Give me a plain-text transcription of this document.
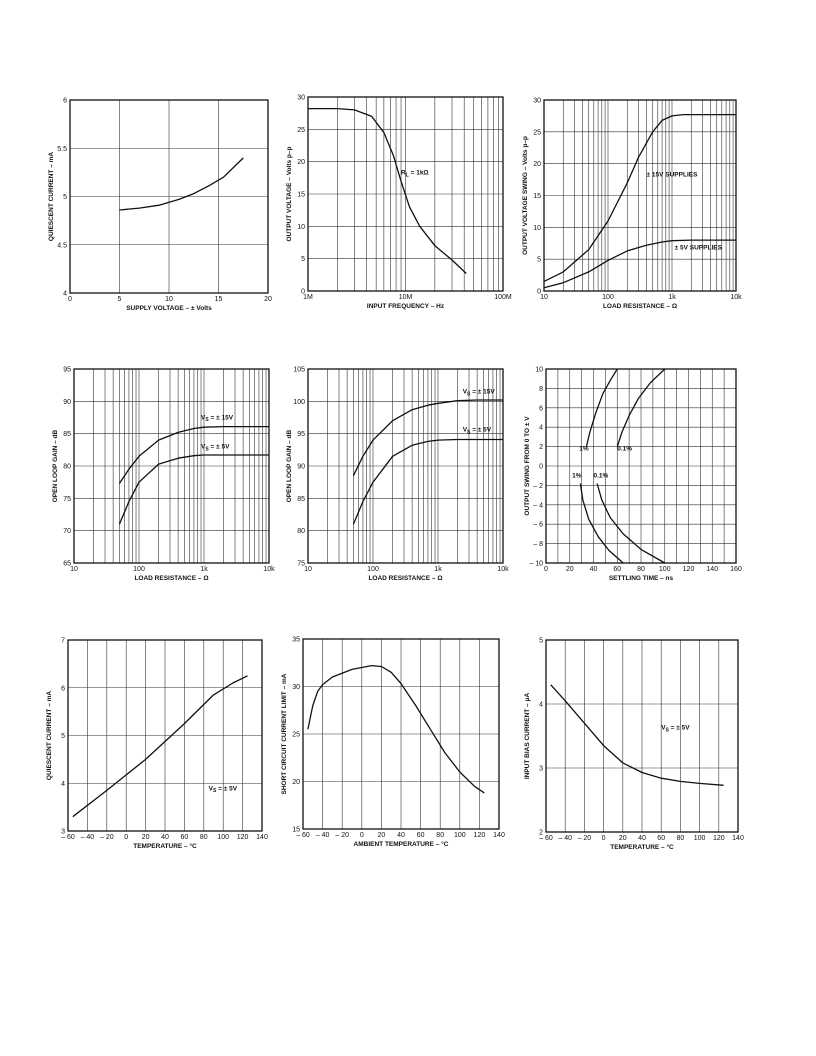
0	5	10	15	20
4
4.5
5
5.5
6
SUPPLY VOLTAGE – ± Volts
QUIESCENT CURRENT – mA
1M	10M	100M
0
5
10
15
20
25
30
INPUT FREQUENCY – Hz
OUTPUT VOLTAGE – Volts p–p	$R_L = 1k\Omega$
10	100	1k	10k
0
5
10
15
20
25
30
LOAD RESISTANCE – Ω
OUTPUT VOLTAGE SWING – Volts p–p	± 15V SUPPLIES
± 5V SUPPLIES
10	100	1k	10k
65
70
75
80
85
90
95
LOAD RESISTANCE – Ω
OPEN LOOP GAIN – dB
$V_S$ = ± 15V
$V_S$ = ± 5V
10	100	1k	10k
75
80
85
90
95
100
105
LOAD RESISTANCE – Ω
OPEN LOOP GAIN – dB
$V_S$ = ± 15V
$V_S$ = ± 5V
0	20 40 60 80 100 120 140 160
– 10
– 8
– 6
– 4
– 2
0
2
4
6
8
10
SETTLING TIME – ns
OUTPUT SWING FROM 0 TO ± V	1%	0.1%
1% 0.1%
– 60 – 40 – 20 0 20 40 60 80 100 120 140
3
4
5
6
7
TEMPERATURE – °C
QUIESCENT CURRENT – mA
$V_S$ = ± 5V
– 60 – 40 – 20 0 20 40 60 80 100 120 140
15
20
25
30
35
AMBIENT TEMPERATURE – °C
SHORT CIRCUIT CURRENT LIMIT – mA
– 60 – 40 – 20 0 20 40 60 80 100 120 140
2
3
4
5
TEMPERATURE – °C
INPUT BIAS CURRENT – μA	$V_S$ = ± 5V
